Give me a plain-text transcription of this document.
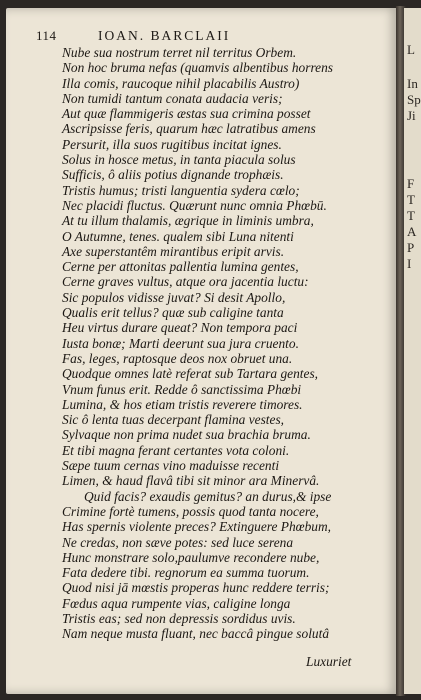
114	IOAN. BARCLAII
Nube sua nostrum terret nil territus Orbem.
Non hoc bruma nefas (quamvis albentibus horrens
Illa comis, raucoque nihil placabilis Austro)
Non tumidi tantum conata audacia veris;
Aut quæ flammigeris æstas sua crimina posset
Ascripsisse feris, quarum hæc latratibus amens
Persurit, illa suos rugitibus incitat ignes.
Solus in hosce metus, in tanta piacula solus
Sufficis, ô aliis potius dignande trophæis.
Tristis humus; tristi languentia sydera cœlo;
Nec placidi fluctus. Quærunt nunc omnia Phœbū.
At tu illum thalamis, ægrique in liminis umbra,
O Autumne, tenes. qualem sibi Luna nitenti
Axe superstantêm mirantibus eripit arvis.
Cerne per attonitas pallentia lumina gentes,
Cerne graves vultus, atque ora jacentia luctu:
Sic populos vidisse juvat? Si desit Apollo,
Qualis erit tellus? quæ sub caligine tanta
Heu virtus durare queat? Non tempora paci
Iusta bonæ; Marti deerunt sua jura cruento.
Fas, leges, raptosque deos nox obruet una.
Quodque omnes latè referat sub Tartara gentes,
Vnum funus erit. Redde ô sanctissima Phœbi
Lumina, & hos etiam tristis reverere timores.
Sic ô lenta tuas decerpant flamina vestes,
Sylvaque non prima nudet sua brachia bruma.
Et tibi magna ferant certantes vota coloni.
Sæpe tuum cernas vino maduisse recenti
Limen, & haud flavâ tibi sit minor ara Minervâ.
Quid facis? exaudis gemitus? an durus,& ipse
Crimine fortè tumens, possis quod tanta nocere,
Has spernis violente preces? Extinguere Phœbum,
Ne credas, non sæve potes: sed luce serena
Hunc monstrare solo,paulumve recondere nube,
Fata dedere tibi. regnorum ea summa tuorum.
Quod nisi jā mœstis properas hunc reddere terris;
Fœdus aqua rumpente vias, caligine longa
Tristis eas; sed non depressis sordidus uvis.
Nam neque musta fluant, nec baccâ pingue solutâ
Luxuriet
L
In
Sp
Ji
F
T
T
A
P
I
